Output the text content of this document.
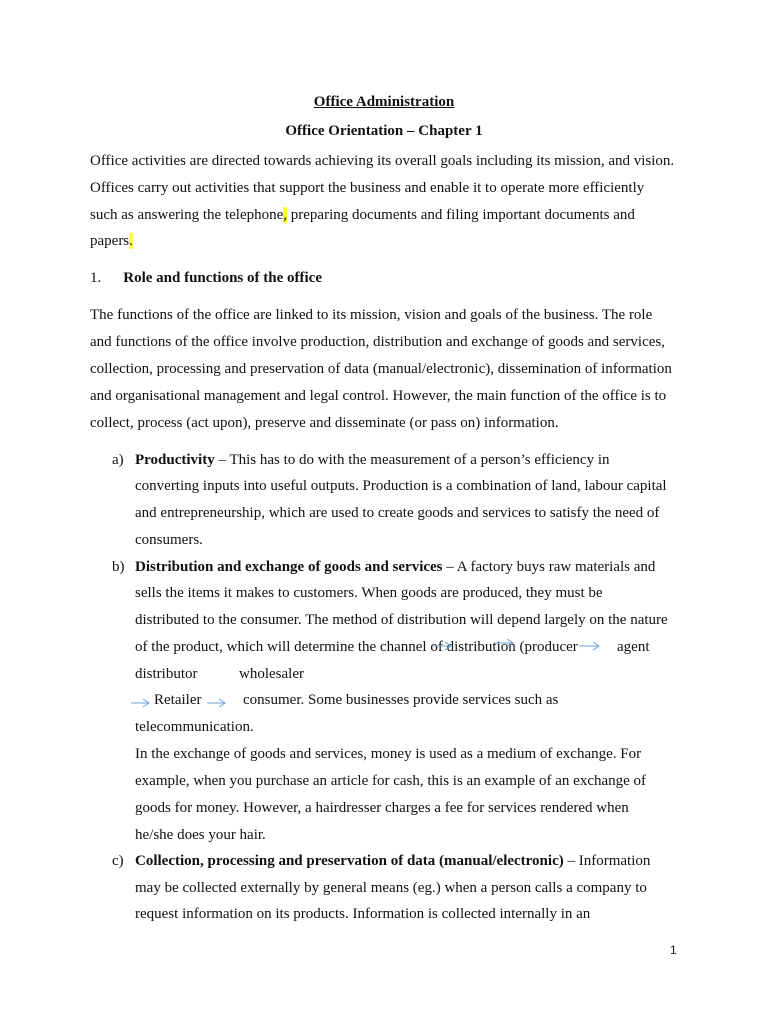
Office Administration
Office Orientation – Chapter 1
Office activities are directed towards achieving its overall goals including its mission, and vision.
Offices carry out activities that support the business and enable it to operate more efficiently
such as answering the telephone, preparing documents and filing important documents and
papers.
1. Role and functions of the office
The functions of the office are linked to its mission, vision and goals of the business. The role
and functions of the office involve production, distribution and exchange of goods and services,
collection, processing and preservation of data (manual/electronic), dissemination of information
and organisational management and legal control. However, the main function of the office is to
collect, process (act upon), preserve and disseminate (or pass on) information.
a) Productivity – This has to do with the measurement of a person’s efficiency in
converting inputs into useful outputs. Production is a combination of land, labour capital
and entrepreneurship, which are used to create goods and services to satisfy the need of
consumers.
b) Distribution and exchange of goods and services – A factory buys raw materials and
sells the items it makes to customers. When goods are produced, they must be
distributed to the consumer. The method of distribution will depend largely on the nature
of the product, which will determine the channel of distribution (producer	agent
distributor	wholesaler
Retailer	consumer. Some businesses provide services such as
telecommunication.
In the exchange of goods and services, money is used as a medium of exchange. For
example, when you purchase an article for cash, this is an example of an exchange of
goods for money. However, a hairdresser charges a fee for services rendered when
he/she does your hair.
c) Collection, processing and preservation of data (manual/electronic) – Information
may be collected externally by general means (eg.) when a person calls a company to
request information on its products. Information is collected internally in an
1
